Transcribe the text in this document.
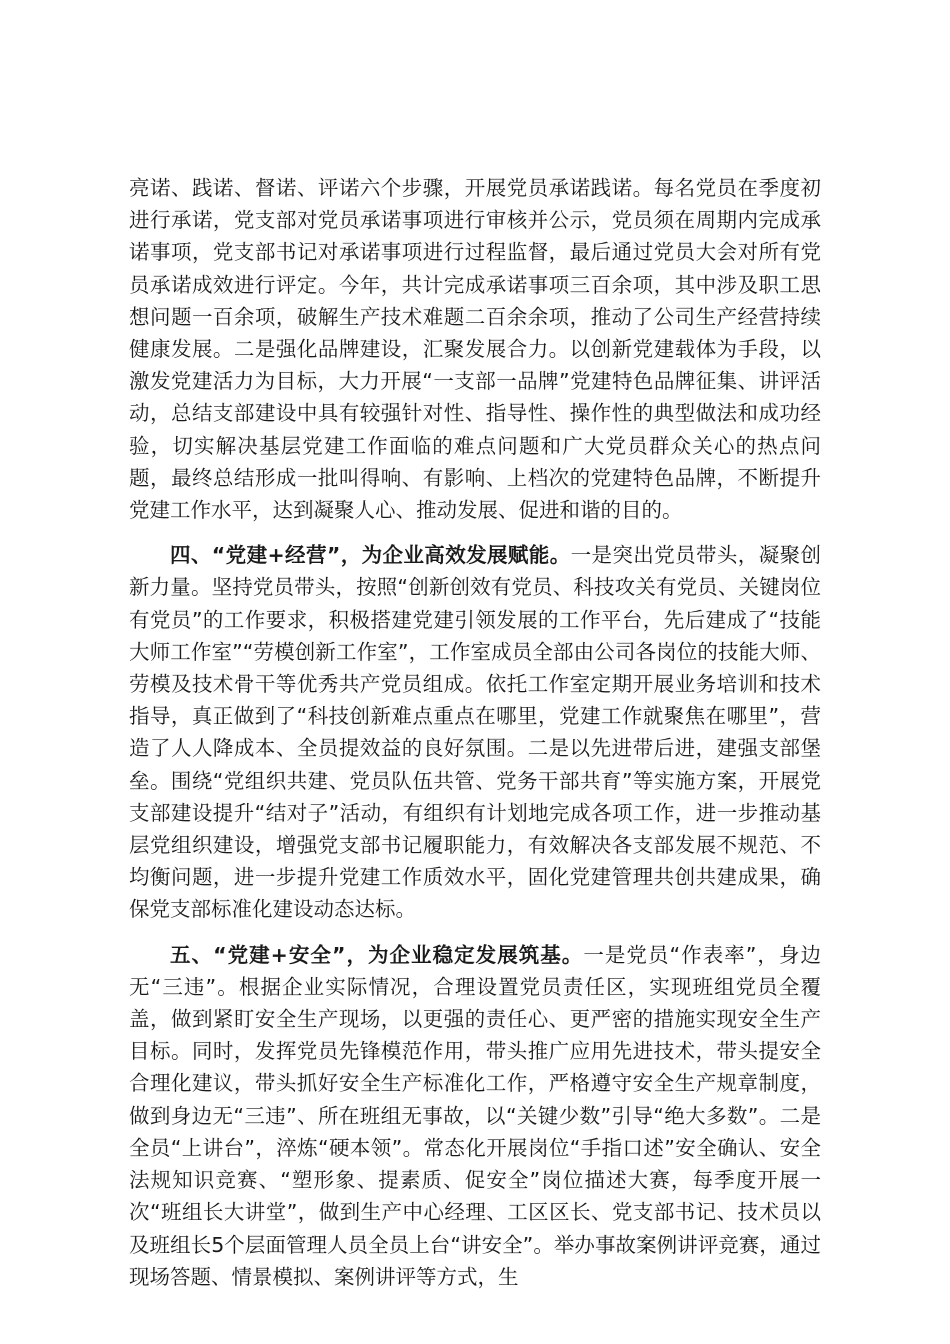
亮诺、践诺、督诺、评诺六个步骤，开展党员承诺践诺。每名党员在季度初进行承诺，党支部对党员承诺事项进行审核并公示，党员须在周期内完成承诺事项，党支部书记对承诺事项进行过程监督，最后通过党员大会对所有党员承诺成效进行评定。今年，共计完成承诺事项三百余项，其中涉及职工思想问题一百余项，破解生产技术难题二百余余项，推动了公司生产经营持续健康发展。二是强化品牌建设，汇聚发展合力。以创新党建载体为手段，以激发党建活力为目标，大力开展“一支部一品牌”党建特色品牌征集、讲评活动，总结支部建设中具有较强针对性、指导性、操作性的典型做法和成功经验，切实解决基层党建工作面临的难点问题和广大党员群众关心的热点问题，最终总结形成一批叫得响、有影响、上档次的党建特色品牌，不断提升党建工作水平，达到凝聚人心、推动发展、促进和谐的目的。

四、“党建+经营”，为企业高效发展赋能。一是突出党员带头，凝聚创新力量。坚持党员带头，按照“创新创效有党员、科技攻关有党员、关键岗位有党员”的工作要求，积极搭建党建引领发展的工作平台，先后建成了“技能大师工作室”“劳模创新工作室”，工作室成员全部由公司各岗位的技能大师、劳模及技术骨干等优秀共产党员组成。依托工作室定期开展业务培训和技术指导，真正做到了“科技创新难点重点在哪里，党建工作就聚焦在哪里”，营造了人人降成本、全员提效益的良好氛围。二是以先进带后进，建强支部堡垒。围绕“党组织共建、党员队伍共管、党务干部共育”等实施方案，开展党支部建设提升“结对子”活动，有组织有计划地完成各项工作，进一步推动基层党组织建设，增强党支部书记履职能力，有效解决各支部发展不规范、不均衡问题，进一步提升党建工作质效水平，固化党建管理共创共建成果，确保党支部标准化建设动态达标。

五、“党建+安全”，为企业稳定发展筑基。一是党员“作表率”，身边无“三违”。根据企业实际情况，合理设置党员责任区，实现班组党员全覆盖，做到紧盯安全生产现场，以更强的责任心、更严密的措施实现安全生产目标。同时，发挥党员先锋模范作用，带头推广应用先进技术，带头提安全合理化建议，带头抓好安全生产标准化工作，严格遵守安全生产规章制度，做到身边无“三违”、所在班组无事故，以“关键少数”引导“绝大多数”。二是全员“上讲台”，淬炼“硬本领”。常态化开展岗位“手指口述”安全确认、安全法规知识竞赛、“塑形象、提素质、促安全”岗位描述大赛，每季度开展一次“班组长大讲堂”，做到生产中心经理、工区区长、党支部书记、技术员以及班组长5个层面管理人员全员上台“讲安全”。举办事故案例讲评竞赛，通过现场答题、情景模拟、案例讲评等方式，生
